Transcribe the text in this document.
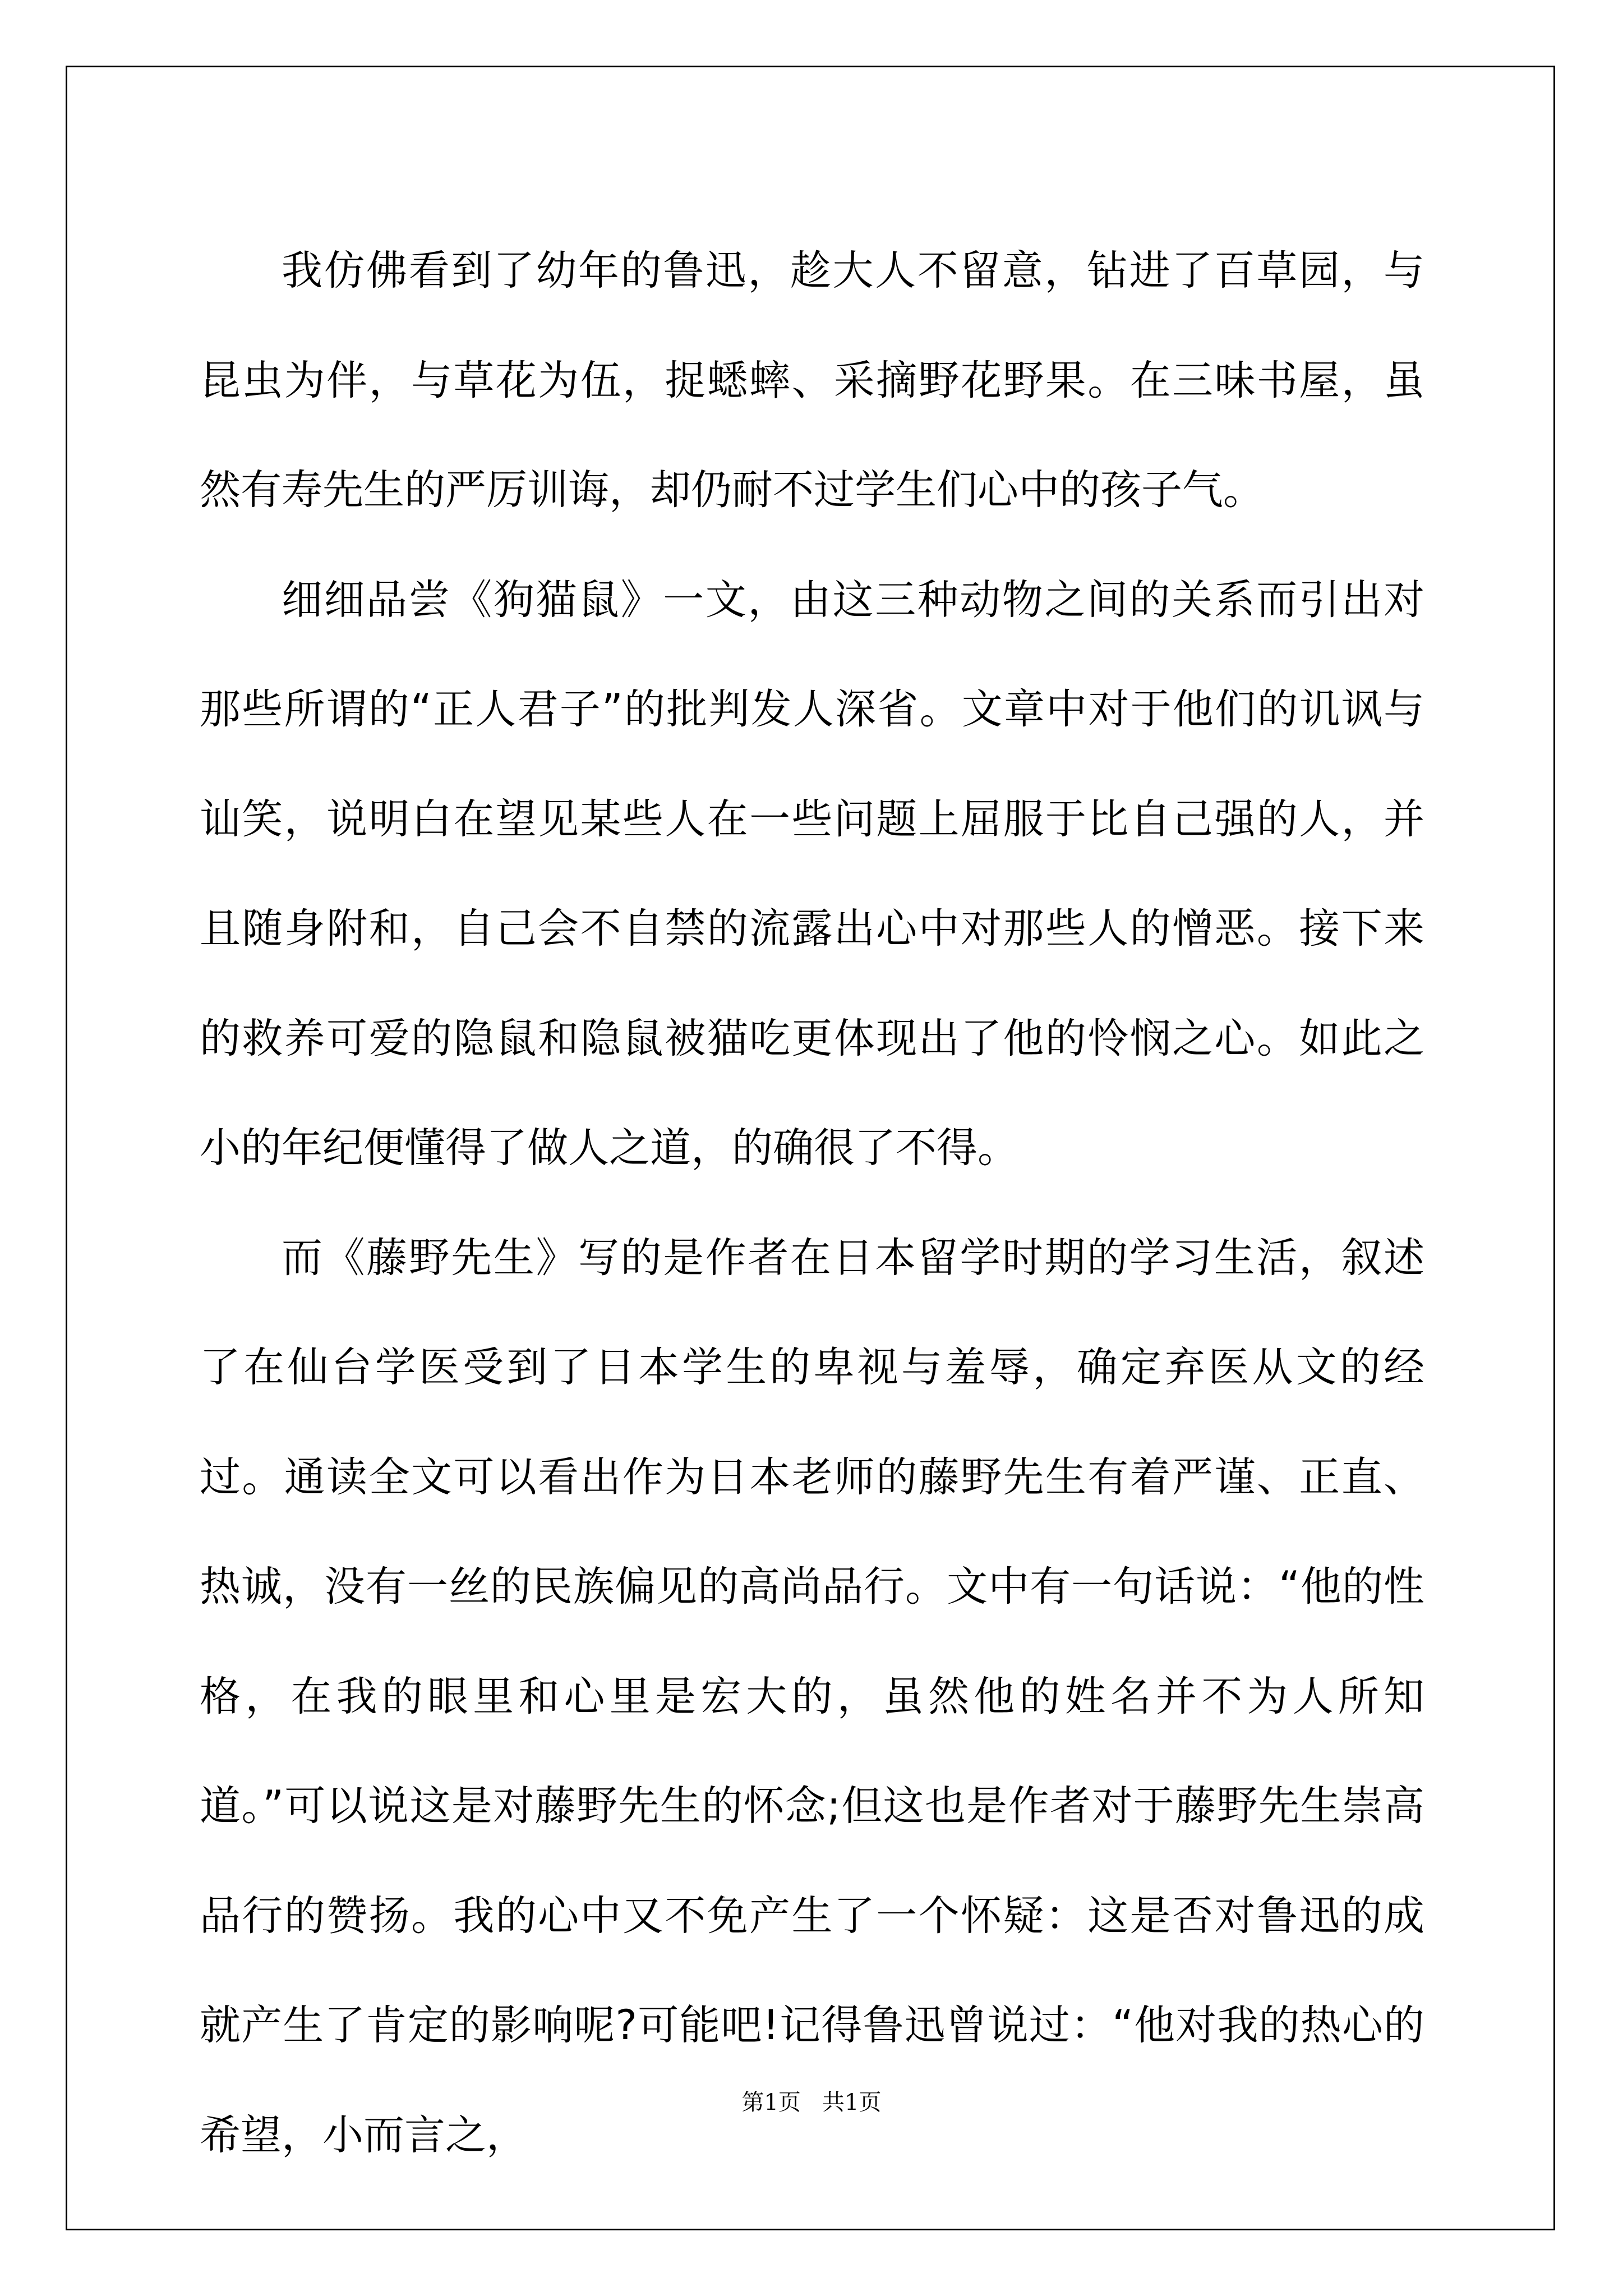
我仿佛看到了幼年的鲁迅，趁大人不留意，钻进了百草园，与昆虫为伴，与草花为伍，捉蟋蟀、采摘野花野果。在三味书屋，虽然有寿先生的严厉训诲，却仍耐不过学生们心中的孩子气。

细细品尝《狗猫鼠》一文，由这三种动物之间的关系而引出对那些所谓的“正人君子”的批判发人深省。文章中对于他们的讥讽与讪笑，说明白在望见某些人在一些问题上屈服于比自己强的人，并且随身附和，自己会不自禁的流露出心中对那些人的憎恶。接下来的救养可爱的隐鼠和隐鼠被猫吃更体现出了他的怜悯之心。如此之小的年纪便懂得了做人之道，的确很了不得。

而《藤野先生》写的是作者在日本留学时期的学习生活，叙述了在仙台学医受到了日本学生的卑视与羞辱，确定弃医从文的经过。通读全文可以看出作为日本老师的藤野先生有着严谨、正直、热诚，没有一丝的民族偏见的高尚品行。文中有一句话说：“他的性格，在我的眼里和心里是宏大的，虽然他的姓名并不为人所知道。”可以说这是对藤野先生的怀念;但这也是作者对于藤野先生崇高品行的赞扬。我的心中又不免产生了一个怀疑：这是否对鲁迅的成就产生了肯定的影响呢?可能吧!记得鲁迅曾说过：“他对我的热心的希望，小而言之，

第1页   共1页
